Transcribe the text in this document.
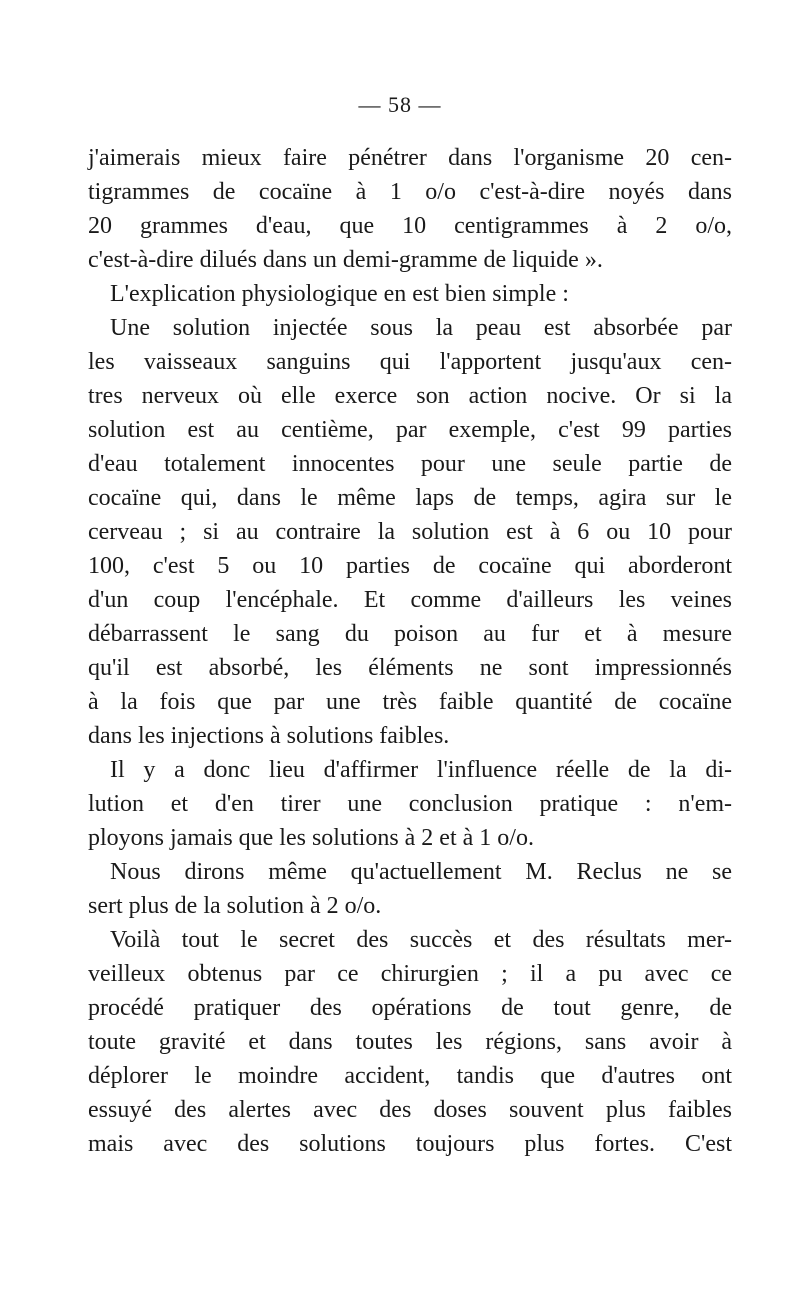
— 58 —
j'aimerais mieux faire pénétrer dans l'organisme 20 cen-
tigrammes de cocaïne à 1 o/o c'est-à-dire noyés dans
20 grammes d'eau, que 10 centigrammes à 2 o/o,
c'est-à-dire dilués dans un demi-gramme de liquide ».
L'explication physiologique en est bien simple :
Une solution injectée sous la peau est absorbée par
les vaisseaux sanguins qui l'apportent jusqu'aux cen-
tres nerveux où elle exerce son action nocive. Or si la
solution est au centième, par exemple, c'est 99 parties
d'eau totalement innocentes pour une seule partie de
cocaïne qui, dans le même laps de temps, agira sur le
cerveau ; si au contraire la solution est à 6 ou 10 pour
100, c'est 5 ou 10 parties de cocaïne qui aborderont
d'un coup l'encéphale. Et comme d'ailleurs les veines
débarrassent le sang du poison au fur et à mesure
qu'il est absorbé, les éléments ne sont impressionnés
à la fois que par une très faible quantité de cocaïne
dans les injections à solutions faibles.
Il y a donc lieu d'affirmer l'influence réelle de la di-
lution et d'en tirer une conclusion pratique : n'em-
ployons jamais que les solutions à 2 et à 1 o/o.
Nous dirons même qu'actuellement M. Reclus ne se
sert plus de la solution à 2 o/o.
Voilà tout le secret des succès et des résultats mer-
veilleux obtenus par ce chirurgien ; il a pu avec ce
procédé pratiquer des opérations de tout genre, de
toute gravité et dans toutes les régions, sans avoir à
déplorer le moindre accident, tandis que d'autres ont
essuyé des alertes avec des doses souvent plus faibles
mais avec des solutions toujours plus fortes. C'est
